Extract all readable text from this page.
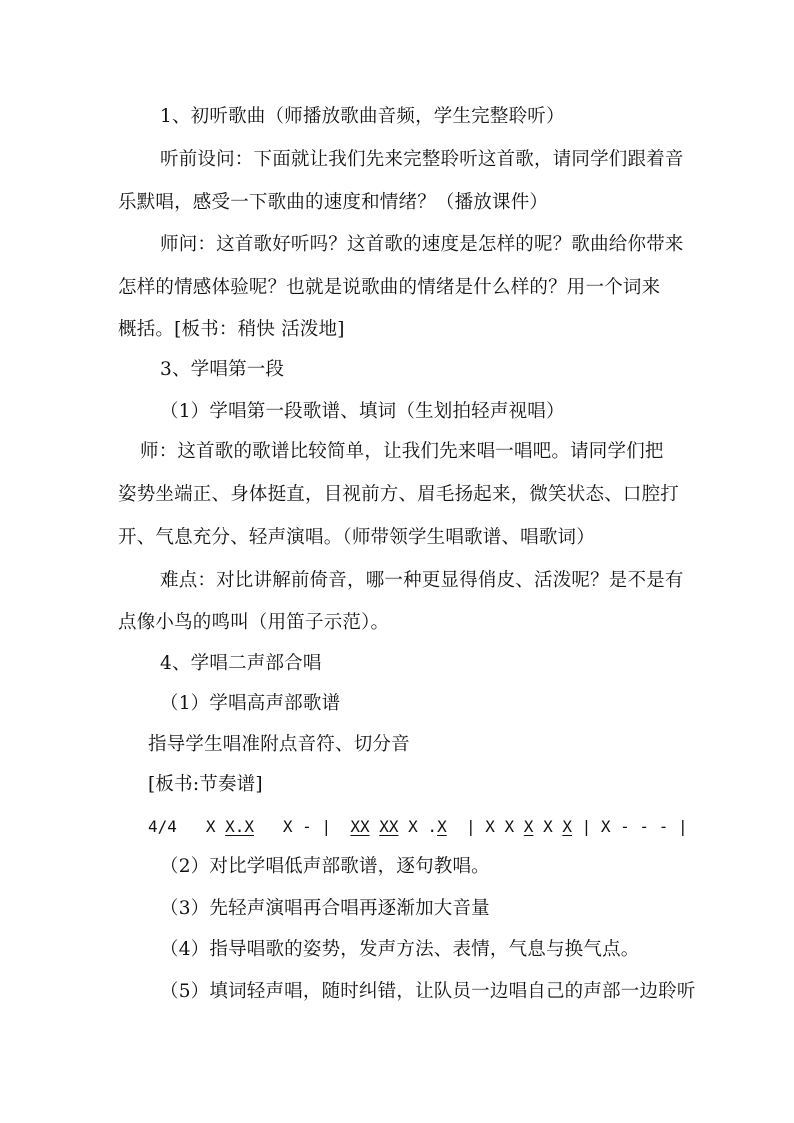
1、初听歌曲（师播放歌曲音频，学生完整聆听）
听前设问：下面就让我们先来完整聆听这首歌，请同学们跟着音
乐默唱，感受一下歌曲的速度和情绪？（播放课件）
师问：这首歌好听吗？这首歌的速度是怎样的呢？歌曲给你带来
怎样的情感体验呢？也就是说歌曲的情绪是什么样的？用一个词来
概括。[板书：稍快 活泼地]
3、学唱第一段
（1）学唱第一段歌谱、填词（生划拍轻声视唱）
师：这首歌的歌谱比较简单，让我们先来唱一唱吧。请同学们把
姿势坐端正、身体挺直，目视前方、眉毛扬起来，微笑状态、口腔打
开、气息充分、轻声演唱。（师带领学生唱歌谱、唱歌词）
难点：对比讲解前倚音，哪一种更显得俏皮、活泼呢？是不是有
点像小鸟的鸣叫（用笛子示范）。
4、学唱二声部合唱
（1）学唱高声部歌谱
指导学生唱准附点音符、切分音
[板书:节奏谱]
4/4 X X.X X - | XX XX X .X | X X X X X | X - - - |
（2）对比学唱低声部歌谱，逐句教唱。
（3）先轻声演唱再合唱再逐渐加大音量
（4）指导唱歌的姿势，发声方法、表情，气息与换气点。
（5）填词轻声唱，随时纠错，让队员一边唱自己的声部一边聆听
